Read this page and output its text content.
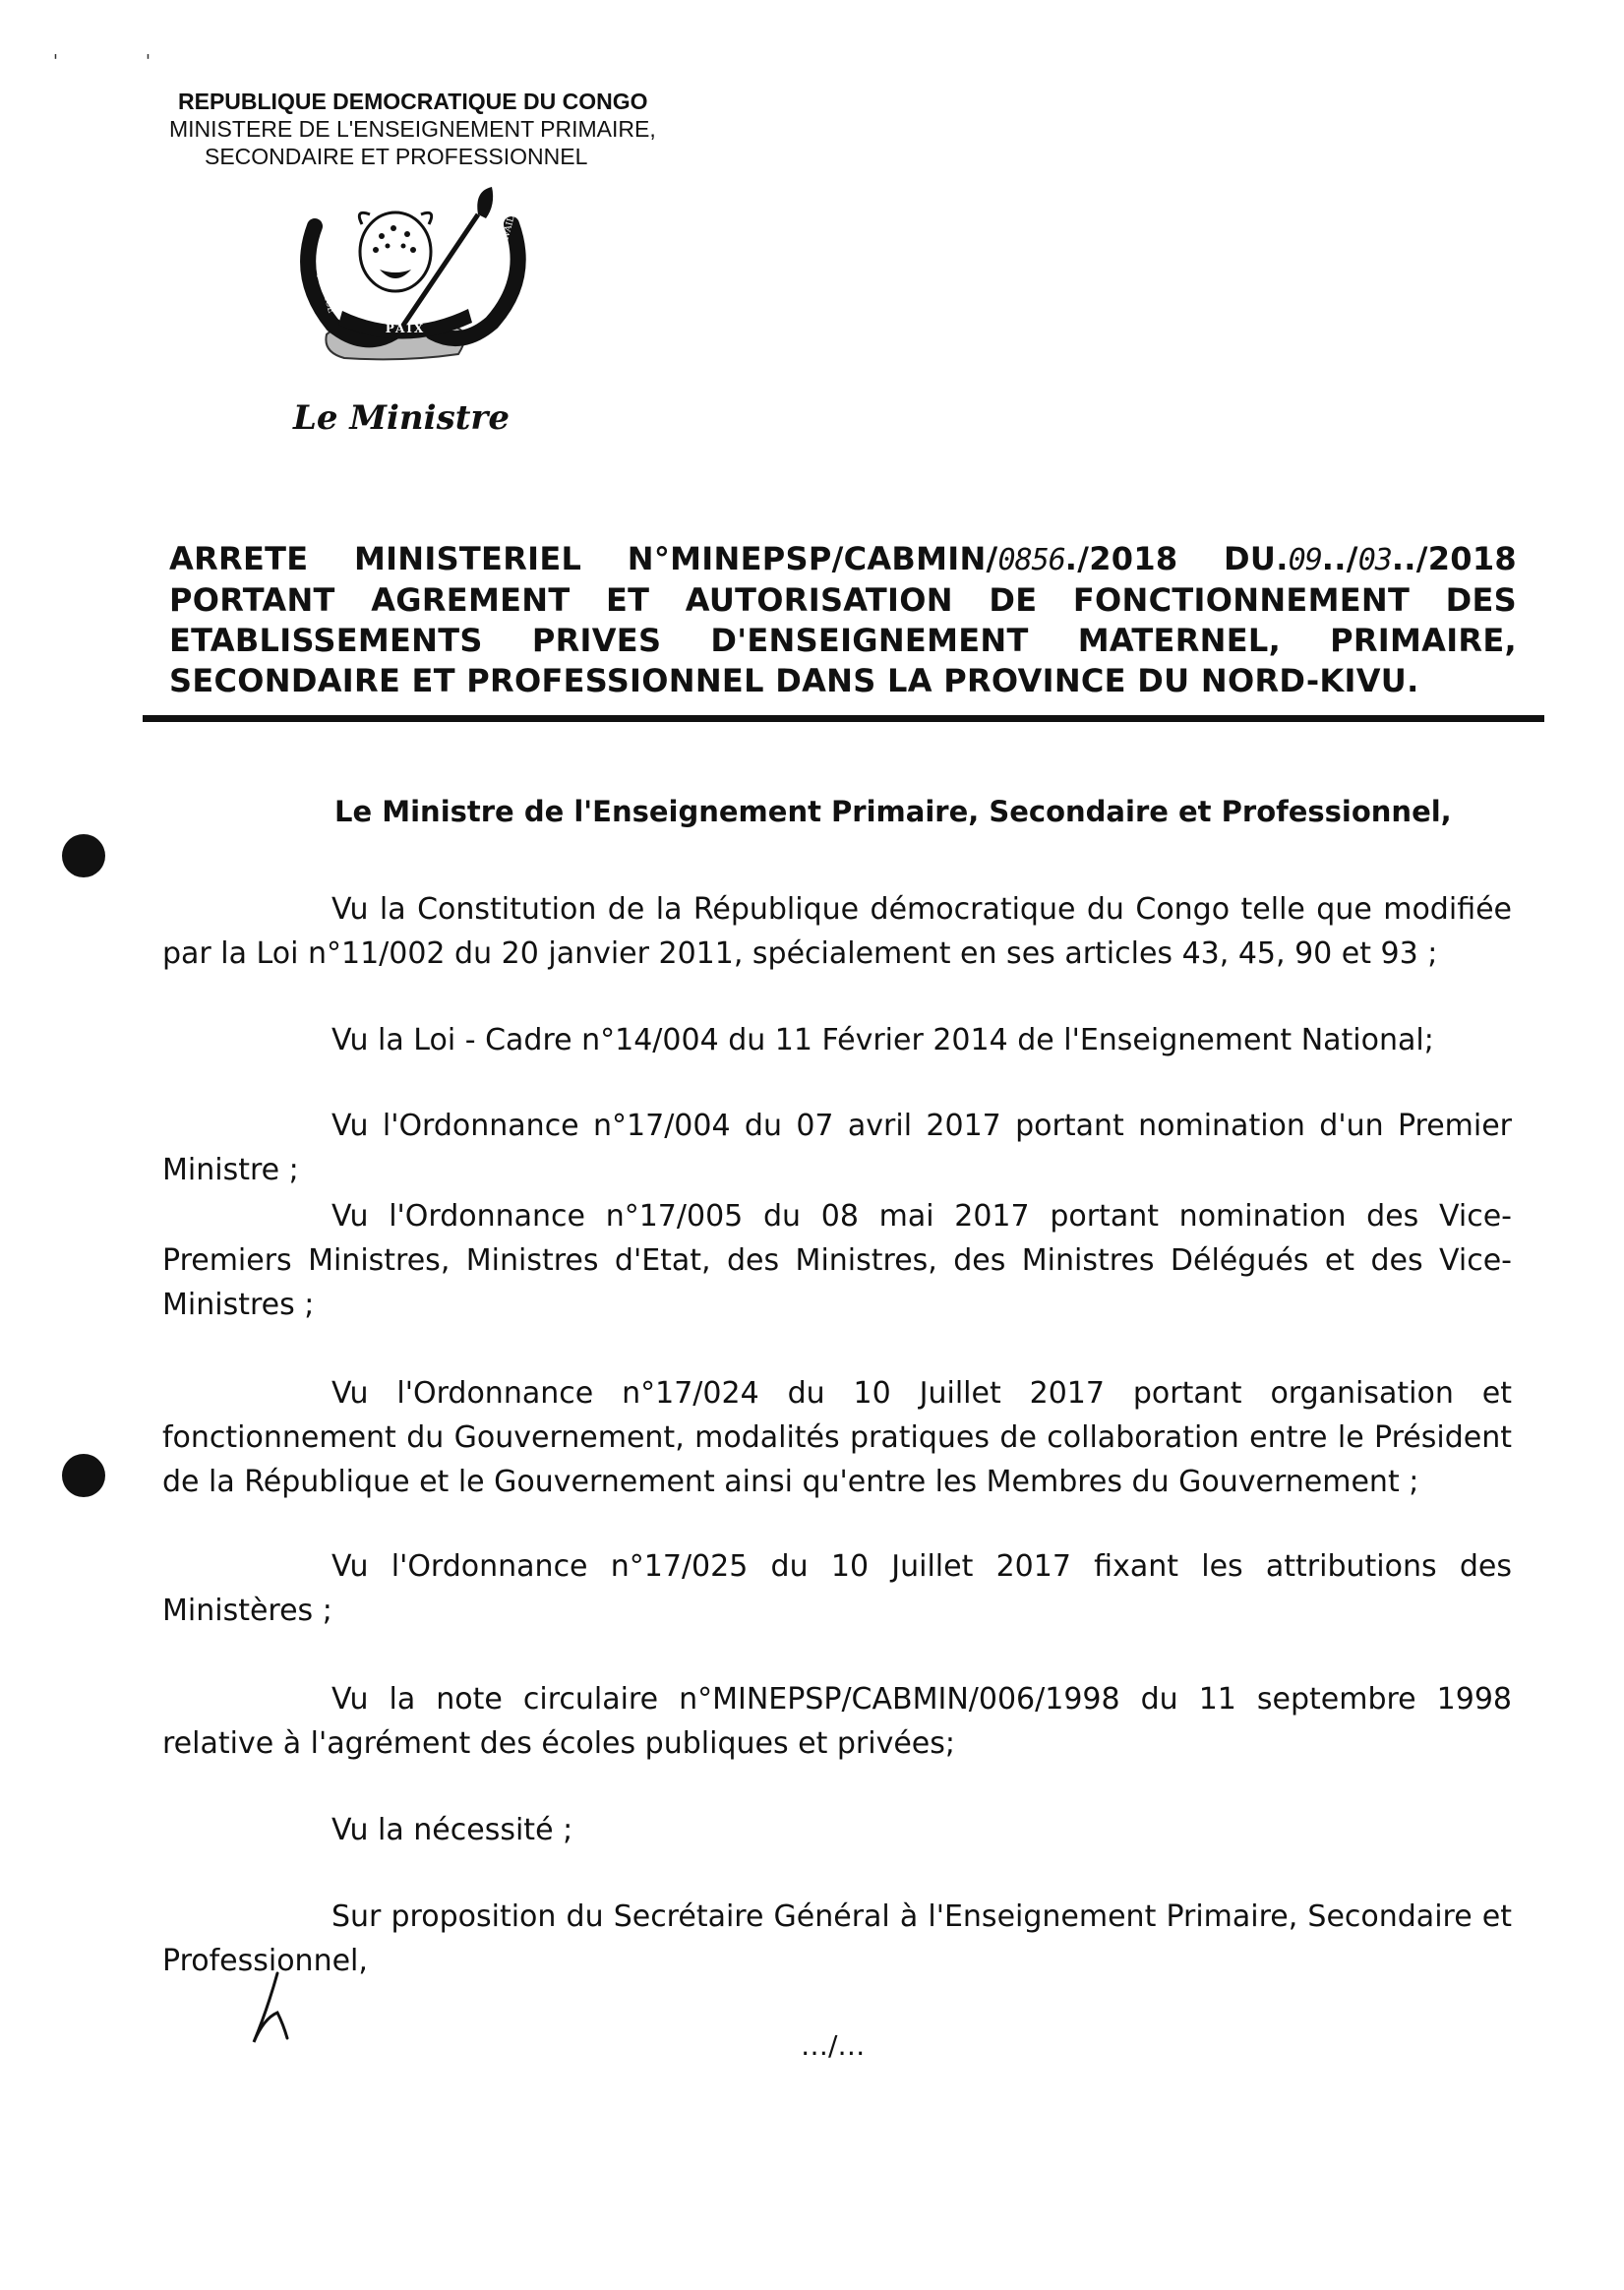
'	'
REPUBLIQUE DEMOCRATIQUE DU CONGO
MINISTERE DE L'ENSEIGNEMENT PRIMAIRE,
SECONDAIRE ET PROFESSIONNEL
PAIX
JUSTICE
TRAVAIL
Le Ministre
ARRETE MINISTERIEL N°MINEPSP/CABMIN/0856./2018 DU.09../03../2018
PORTANT AGREMENT ET AUTORISATION DE FONCTIONNEMENT DES
ETABLISSEMENTS PRIVES D'ENSEIGNEMENT MATERNEL, PRIMAIRE,
SECONDAIRE ET PROFESSIONNEL DANS LA PROVINCE DU NORD-KIVU.
Le Ministre de l'Enseignement Primaire, Secondaire et Professionnel,
Vu la Constitution de la République démocratique du Congo telle que modifiée par la Loi n°11/002 du 20 janvier 2011, spécialement en ses articles 43, 45, 90 et 93 ;
Vu la Loi - Cadre n°14/004 du 11 Février 2014 de l'Enseignement National;
Vu l'Ordonnance n°17/004 du 07 avril 2017 portant nomination d'un Premier Ministre ;
Vu l'Ordonnance n°17/005 du 08 mai 2017 portant nomination des Vice-Premiers Ministres, Ministres d'Etat, des Ministres, des Ministres Délégués et des Vice-Ministres ;
Vu l'Ordonnance n°17/024 du 10 Juillet 2017 portant organisation et fonctionnement du Gouvernement, modalités pratiques de collaboration entre le Président de la République et le Gouvernement ainsi qu'entre les Membres du Gouvernement ;
Vu l'Ordonnance n°17/025 du 10 Juillet 2017 fixant les attributions des Ministères ;
Vu la note circulaire n°MINEPSP/CABMIN/006/1998 du 11 septembre 1998 relative à l'agrément des écoles publiques et privées;
Vu la nécessité ;
Sur proposition du Secrétaire Général à l'Enseignement Primaire, Secondaire et Professionnel,
…/…
